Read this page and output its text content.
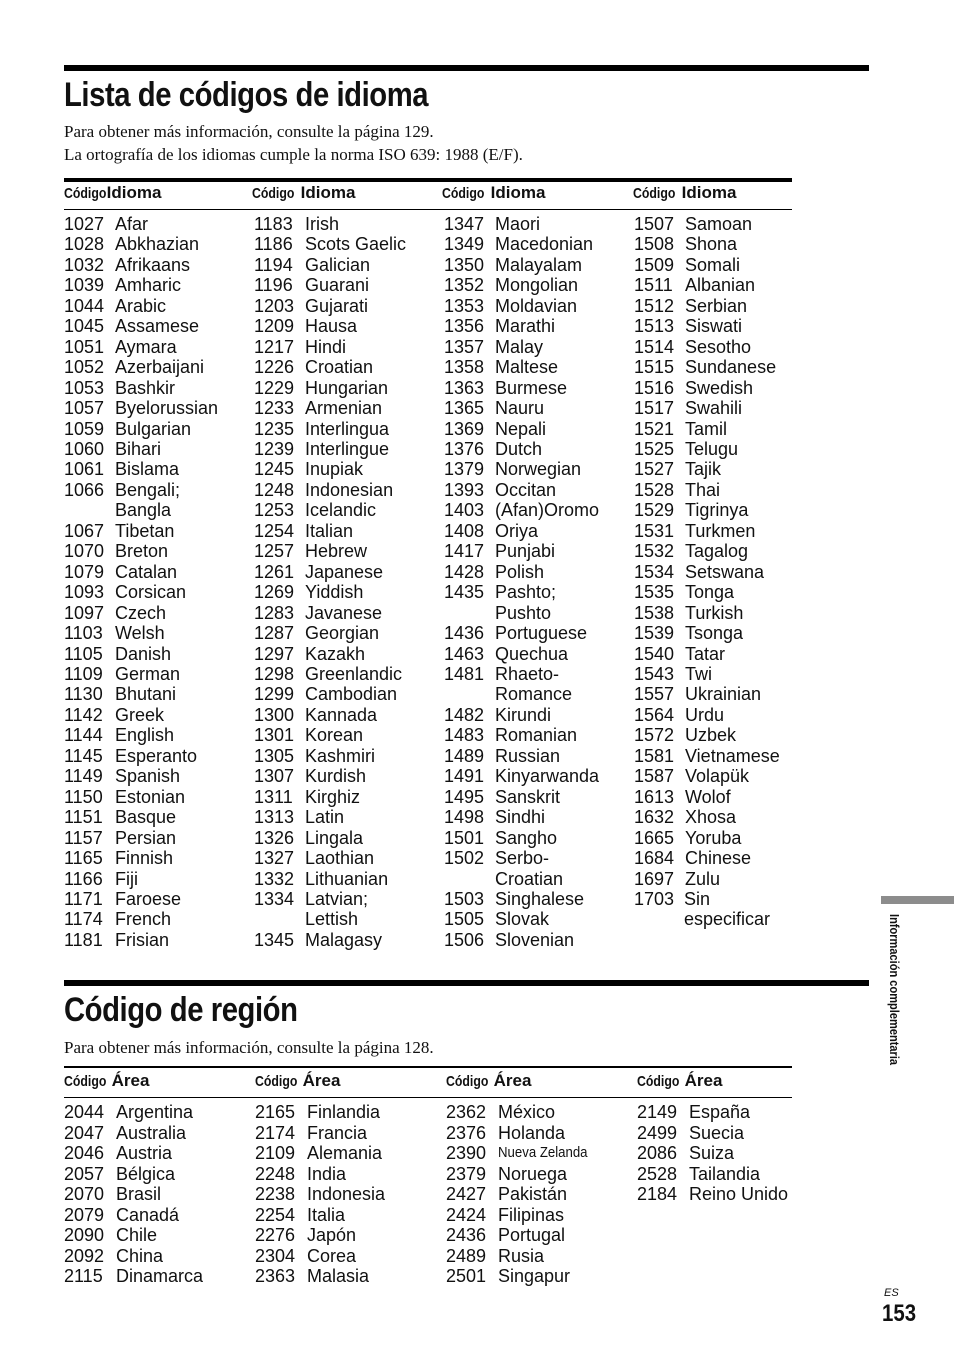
Lista de códigos de idioma
Para obtener más información, consulte la página 129.
La ortografía de los idiomas cumple la norma ISO 639: 1988 (E/F).
CódigoIdioma	Código Idioma	Código Idioma	Código Idioma
1027 Afar
1028 Abkhazian
1032 Afrikaans
1039 Amharic
1044 Arabic
1045 Assamese
1051 Aymara
1052 Azerbaijani
1053 Bashkir
1057 Byelorussian
1059 Bulgarian
1060 Bihari
1061 Bislama
1066 Bengali;
Bangla
1067 Tibetan
1070 Breton
1079 Catalan
1093 Corsican
1097 Czech
1103 Welsh
1105 Danish
1109 German
1130 Bhutani
1142 Greek
1144 English
1145 Esperanto
1149 Spanish
1150 Estonian
1151 Basque
1157 Persian
1165 Finnish
1166 Fiji
1171 Faroese
1174 French
1181 Frisian
1183 Irish
1186 Scots Gaelic
1194 Galician
1196 Guarani
1203 Gujarati
1209 Hausa
1217 Hindi
1226 Croatian
1229 Hungarian
1233 Armenian
1235 Interlingua
1239 Interlingue
1245 Inupiak
1248 Indonesian
1253 Icelandic
1254 Italian
1257 Hebrew
1261 Japanese
1269 Yiddish
1283 Javanese
1287 Georgian
1297 Kazakh
1298 Greenlandic
1299 Cambodian
1300 Kannada
1301 Korean
1305 Kashmiri
1307 Kurdish
1311 Kirghiz
1313 Latin
1326 Lingala
1327 Laothian
1332 Lithuanian
1334 Latvian;
Lettish
1345 Malagasy
1347 Maori
1349 Macedonian
1350 Malayalam
1352 Mongolian
1353 Moldavian
1356 Marathi
1357 Malay
1358 Maltese
1363 Burmese
1365 Nauru
1369 Nepali
1376 Dutch
1379 Norwegian
1393 Occitan
1403 (Afan)Oromo
1408 Oriya
1417 Punjabi
1428 Polish
1435 Pashto;
Pushto
1436 Portuguese
1463 Quechua
1481 Rhaeto-
Romance
1482 Kirundi
1483 Romanian
1489 Russian
1491 Kinyarwanda
1495 Sanskrit
1498 Sindhi
1501 Sangho
1502 Serbo-
Croatian
1503 Singhalese
1505 Slovak
1506 Slovenian
1507 Samoan
1508 Shona
1509 Somali
1511 Albanian
1512 Serbian
1513 Siswati
1514 Sesotho
1515 Sundanese
1516 Swedish
1517 Swahili
1521 Tamil
1525 Telugu
1527 Tajik
1528 Thai
1529 Tigrinya
1531 Turkmen
1532 Tagalog
1534 Setswana
1535 Tonga
1538 Turkish
1539 Tsonga
1540 Tatar
1543 Twi
1557 Ukrainian
1564 Urdu
1572 Uzbek
1581 Vietnamese
1587 Volapük
1613 Wolof
1632 Xhosa
1665 Yoruba
1684 Chinese
1697 Zulu
1703 Sin
especificar
Código de región
Para obtener más información, consulte la página 128.
Código Área	Código Área	Código Área	Código Área
2044 Argentina
2047 Australia
2046 Austria
2057 Bélgica
2070 Brasil
2079 Canadá
2090 Chile
2092 China
2115 Dinamarca
2165 Finlandia
2174 Francia
2109 Alemania
2248 India
2238 Indonesia
2254 Italia
2276 Japón
2304 Corea
2363 Malasia
2362 México
2376 Holanda
2390 Nueva Zelanda
2379 Noruega
2427 Pakistán
2424 Filipinas
2436 Portugal
2489 Rusia
2501 Singapur
2149 España
2499 Suecia
2086 Suiza
2528 Tailandia
2184 Reino Unido
Información complementaria
ES
153
